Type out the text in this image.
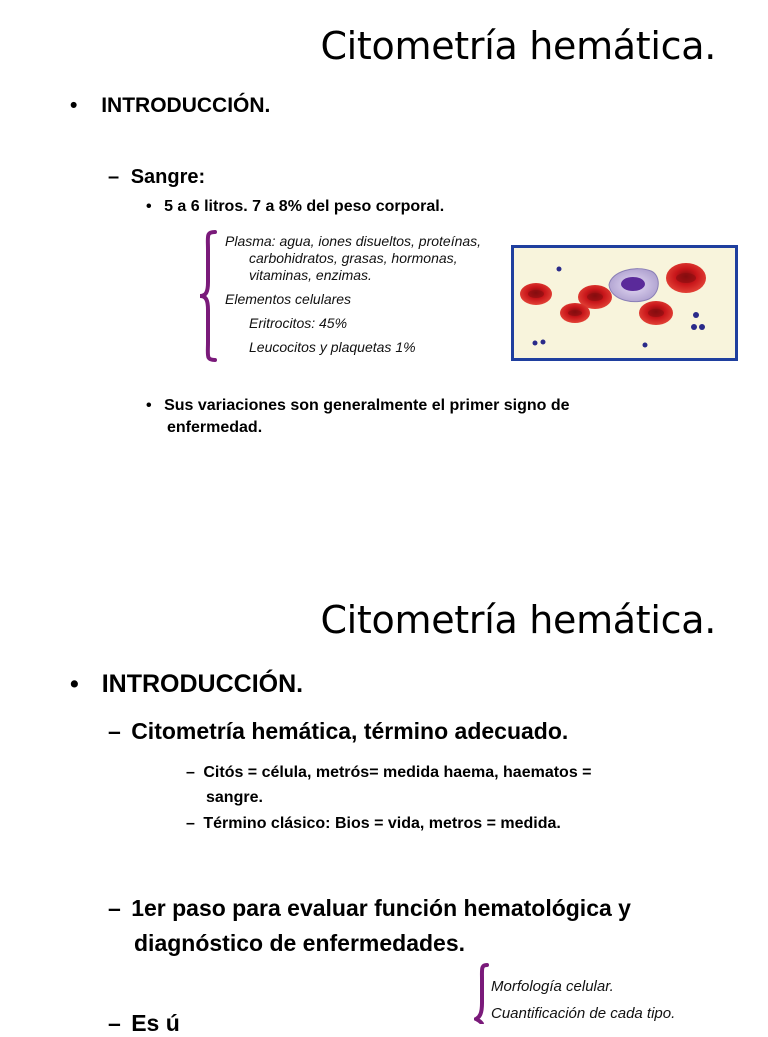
Citometría hemática.
• INTRODUCCIÓN.
– Sangre:
• 5 a 6 litros. 7 a 8% del peso corporal.
Plasma: agua, iones disueltos, proteínas,
carbohidratos, grasas, hormonas,
vitaminas, enzimas.
Elementos celulares
Eritrocitos: 45%
Leucocitos y plaquetas 1%
• Sus variaciones son generalmente el primer signo de
enfermedad.
Citometría hemática.
• INTRODUCCIÓN.
– Citometría hemática, término adecuado.
– Citós = célula, metrós= medida haema, haematos =
sangre.
– Término clásico: Bios = vida, metros = medida.
– 1er paso para evaluar función hematológica y
diagnóstico de enfermedades.
– Es ú
Morfología celular.
Cuantificación de cada tipo.
